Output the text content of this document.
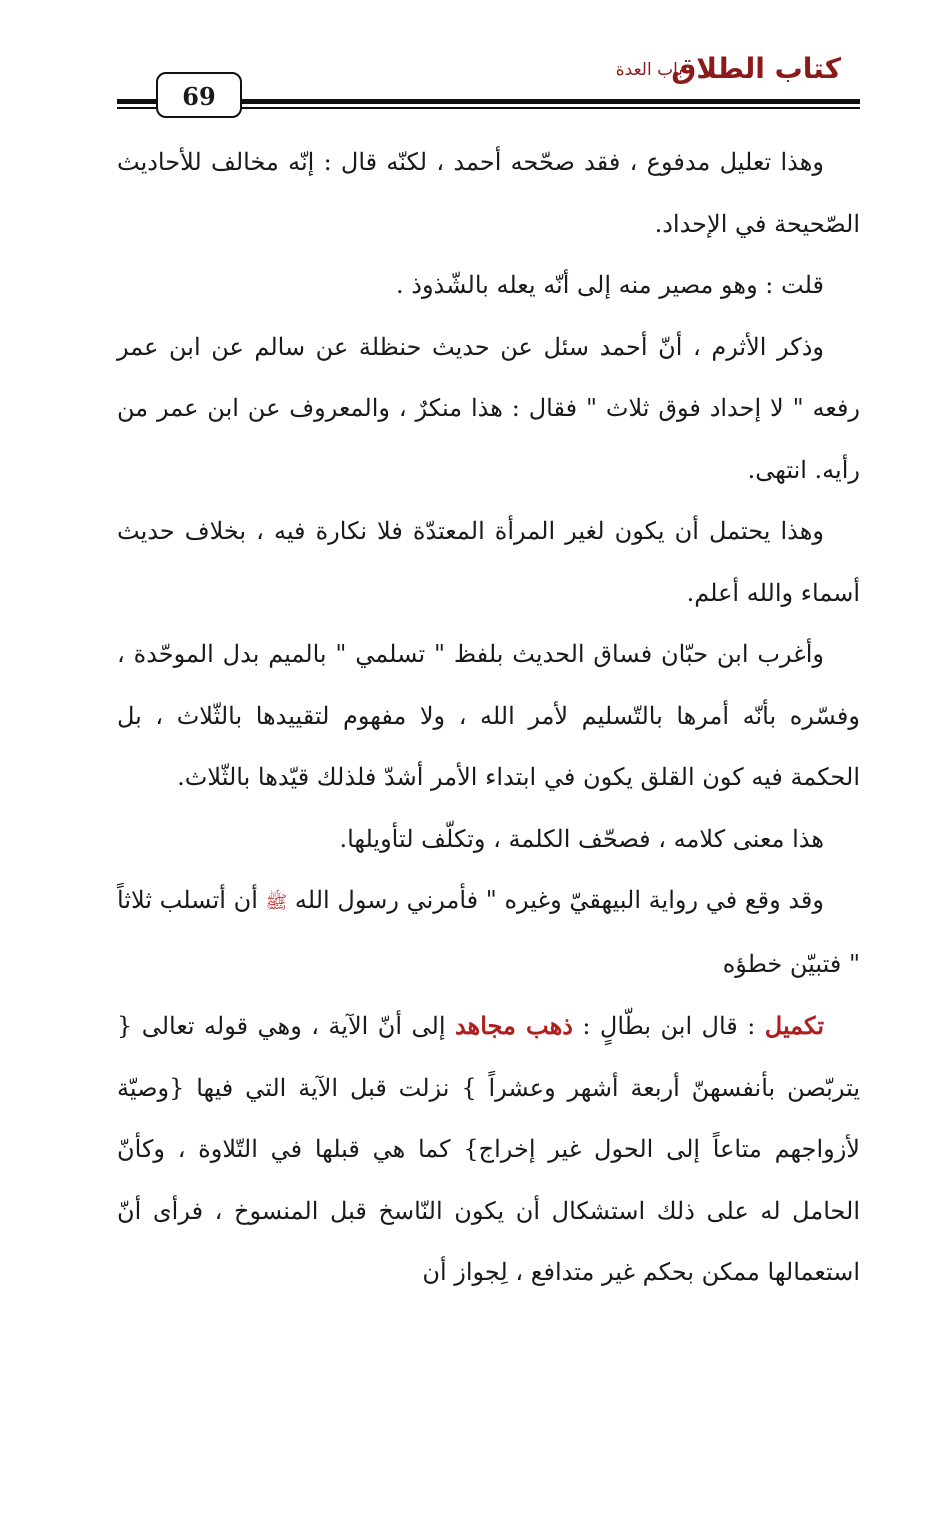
كتاب الطلاق
باب العدة
69

وهذا تعليل مدفوع ، فقد صحّحه أحمد ، لكنّه قال : إنّه مخالف للأحاديث الصّحيحة في الإحداد.

قلت : وهو مصير منه إلى أنّه يعله بالشّذوذ .

وذكر الأثرم ، أنّ أحمد سئل عن حديث حنظلة عن سالم عن ابن عمر رفعه " لا إحداد فوق ثلاث " فقال : هذا منكرٌ ، والمعروف عن ابن عمر من رأيه. انتهى.

وهذا يحتمل أن يكون لغير المرأة المعتدّة فلا نكارة فيه ، بخلاف حديث أسماء والله أعلم.

وأغرب ابن حبّان فساق الحديث بلفظ " تسلمي " بالميم بدل الموحّدة ، وفسّره بأنّه أمرها بالتّسليم لأمر الله ، ولا مفهوم لتقييدها بالثّلاث ، بل الحكمة فيه كون القلق يكون في ابتداء الأمر أشدّ فلذلك قيّدها بالثّلاث.

هذا معنى كلامه ، فصحّف الكلمة ، وتكلّف لتأويلها.

وقد وقع في رواية البيهقيّ وغيره " فأمرني رسول الله ﷺ أن أتسلب ثلاثاً " فتبيّن خطؤه

تكميل : قال ابن بطّالٍ : ذهب مجاهد إلى أنّ الآية ، وهي قوله تعالى { يتربّصن بأنفسهنّ أربعة أشهر وعشراً } نزلت قبل الآية التي فيها {وصيّة لأزواجهم متاعاً إلى الحول غير إخراج} كما هي قبلها في التّلاوة ، وكأنّ الحامل له على ذلك استشكال أن يكون النّاسخ قبل المنسوخ ، فرأى أنّ استعمالها ممكن بحكم غير متدافع ، لِجواز أن
